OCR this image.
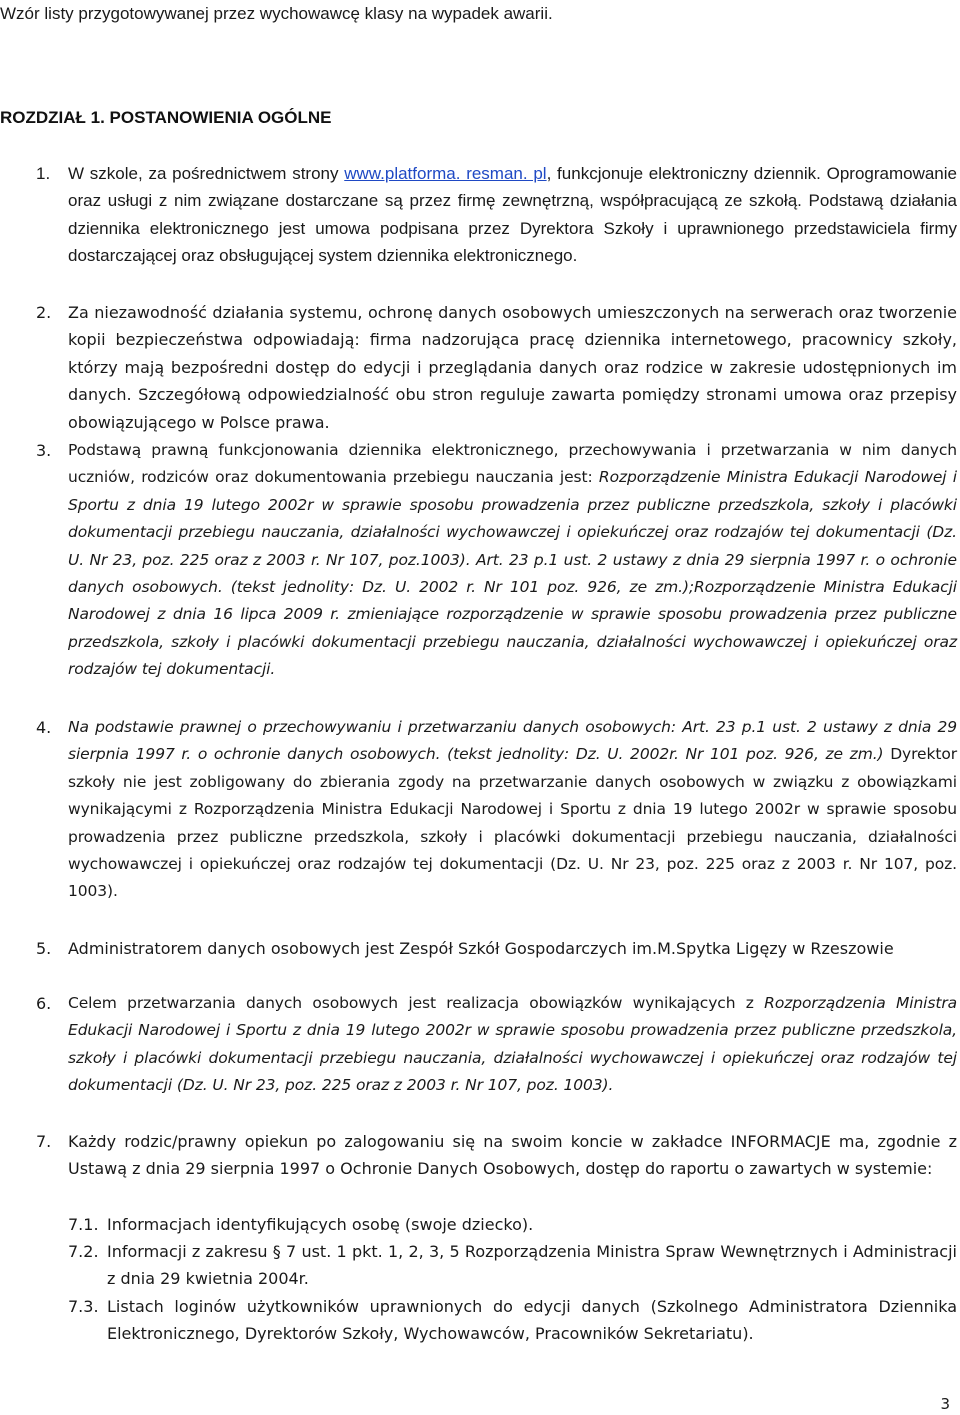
Wzór listy przygotowywanej przez wychowawcę klasy na wypadek awarii.
ROZDZIAŁ 1. POSTANOWIENIA OGÓLNE
1.	W szkole, za pośrednictwem strony www.platforma. resman. pl, funkcjonuje elektroniczny dziennik. Oprogramowanie oraz usługi z nim związane dostarczane są przez firmę zewnętrzną, współpracującą ze szkołą. Podstawą działania dziennika elektronicznego jest umowa podpisana przez Dyrektora Szkoły i uprawnionego przedstawiciela firmy dostarczającej oraz obsługującej system dziennika elektronicznego.
2.	Za niezawodność działania systemu, ochronę danych osobowych umieszczonych na serwerach oraz tworzenie kopii bezpieczeństwa odpowiadają: firma nadzorująca pracę dziennika internetowego, pracownicy szkoły, którzy mają bezpośredni dostęp do edycji i przeglądania danych oraz rodzice w zakresie udostępnionych im danych. Szczegółową odpowiedzialność obu stron reguluje zawarta pomiędzy stronami umowa oraz przepisy obowiązującego w Polsce prawa.
3.	Podstawą prawną funkcjonowania dziennika elektronicznego, przechowywania i przetwarzania w nim danych uczniów, rodziców oraz dokumentowania przebiegu nauczania jest: Rozporządzenie Ministra Edukacji Narodowej i Sportu z dnia 19 lutego 2002r w sprawie sposobu prowadzenia przez publiczne przedszkola, szkoły i placówki dokumentacji przebiegu nauczania, działalności wychowawczej i opiekuńczej oraz rodzajów tej dokumentacji (Dz. U. Nr 23, poz. 225 oraz z 2003 r. Nr 107, poz.1003). Art. 23 p.1 ust. 2 ustawy z dnia 29 sierpnia 1997 r. o ochronie danych osobowych. (tekst jednolity: Dz. U. 2002 r. Nr 101 poz. 926, ze zm.);Rozporządzenie Ministra Edukacji Narodowej z dnia 16 lipca 2009 r. zmieniające rozporządzenie w sprawie sposobu prowadzenia przez publiczne przedszkola, szkoły i placówki dokumentacji przebiegu nauczania, działalności wychowawczej i opiekuńczej oraz rodzajów tej dokumentacji.
4.	Na podstawie prawnej o przechowywaniu i przetwarzaniu danych osobowych: Art. 23 p.1 ust. 2 ustawy z dnia 29 sierpnia 1997 r. o ochronie danych osobowych. (tekst jednolity: Dz. U. 2002r. Nr 101 poz. 926, ze zm.) Dyrektor szkoły nie jest zobligowany do zbierania zgody na przetwarzanie danych osobowych w związku z obowiązkami wynikającymi z Rozporządzenia Ministra Edukacji Narodowej i Sportu z dnia 19 lutego 2002r w sprawie sposobu prowadzenia przez publiczne przedszkola, szkoły i placówki dokumentacji przebiegu nauczania, działalności wychowawczej i opiekuńczej oraz rodzajów tej dokumentacji (Dz. U. Nr 23, poz. 225 oraz z 2003 r. Nr 107, poz. 1003).
5.	Administratorem danych osobowych jest Zespół Szkół Gospodarczych im.M.Spytka Ligęzy w Rzeszowie
6.	Celem przetwarzania danych osobowych jest realizacja obowiązków wynikających z Rozporządzenia Ministra Edukacji Narodowej i Sportu z dnia 19 lutego 2002r w sprawie sposobu prowadzenia przez publiczne przedszkola, szkoły i placówki dokumentacji przebiegu nauczania, działalności wychowawczej i opiekuńczej oraz rodzajów tej dokumentacji (Dz. U. Nr 23, poz. 225 oraz z 2003 r. Nr 107, poz. 1003).
7.	Każdy rodzic/prawny opiekun po zalogowaniu się na swoim koncie w zakładce INFORMACJE ma, zgodnie z Ustawą z dnia 29 sierpnia 1997 o Ochronie Danych Osobowych, dostęp do raportu o zawartych w systemie:
7.1. Informacjach identyfikujących osobę (swoje dziecko).
7.2. Informacji z zakresu § 7 ust. 1 pkt. 1, 2, 3, 5 Rozporządzenia Ministra Spraw Wewnętrznych i Administracji z dnia 29 kwietnia 2004r.
7.3. Listach loginów użytkowników uprawnionych do edycji danych (Szkolnego Administratora Dziennika Elektronicznego, Dyrektorów Szkoły, Wychowawców, Pracowników Sekretariatu).
3
